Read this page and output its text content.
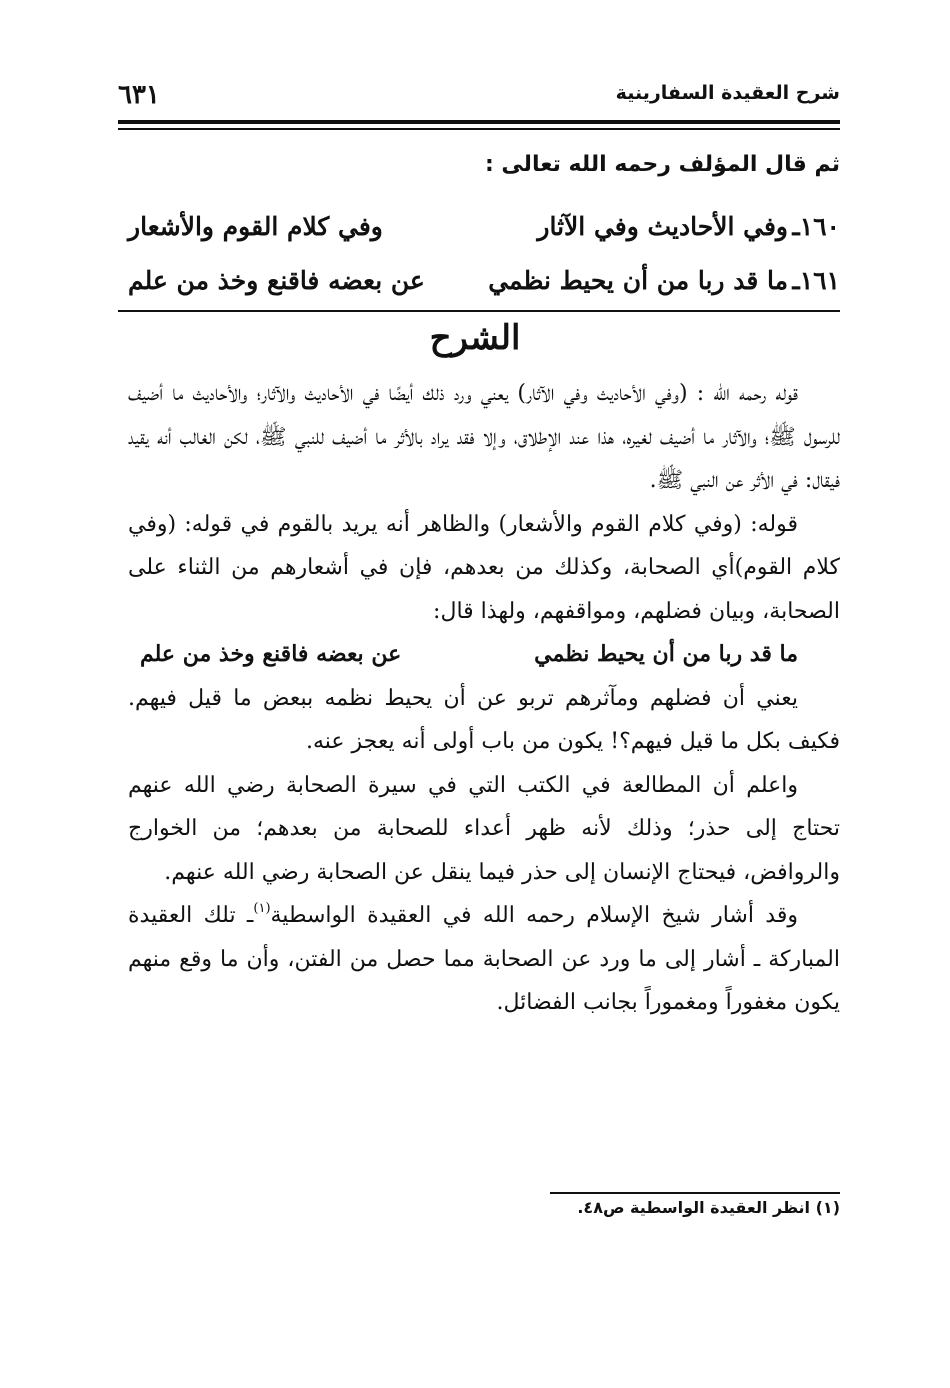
شرح العقيدة السفارينية
٦٣١
ثم قال المؤلف رحمه الله تعالى :
١٦٠ـ
وفي الأحاديث وفي الآثار
وفي كلام القوم والأشعار
١٦١ـ
ما قد ربا من أن يحيط نظمي
عن بعضه فاقنع وخذ من علم
الشرح

قوله رحمه الله : (وفي الأحاديث وفي الآثار) يعني ورد ذلك أيضًا في الأحاديث والآثار؛ والأحاديث ما أضيف للرسول ﷺ؛ والآثار ما أضيف لغيره، هذا عند الإطلاق، وإلا فقد يراد بالأثر ما أضيف للنبي ﷺ، لكن الغالب أنه يقيد فيقال: في الأثر عن النبي ﷺ.

قوله: (وفي كلام القوم والأشعار) والظاهر أنه يريد بالقوم في قوله: (وفي كلام القوم)أي الصحابة، وكذلك من بعدهم، فإن في أشعارهم من الثناء على الصحابة، وبيان فضلهم، ومواقفهم، ولهذا قال:

ما قد ربا من أن يحيط نظمي
عن بعضه فاقنع وخذ من علم

يعني أن فضلهم ومآثرهم تربو عن أن يحيط نظمه ببعض ما قيل فيهم. فكيف بكل ما قيل فيهم؟! يكون من باب أولى أنه يعجز عنه.

واعلم أن المطالعة في الكتب التي في سيرة الصحابة رضي الله عنهم تحتاج إلى حذر؛ وذلك لأنه ظهر أعداء للصحابة من بعدهم؛ من الخوارج والروافض، فيحتاج الإنسان إلى حذر فيما ينقل عن الصحابة رضي الله عنهم.

وقد أشار شيخ الإسلام رحمه الله في العقيدة الواسطية$^{(١)}$ـ تلك العقيدة المباركة ـ أشار إلى ما ورد عن الصحابة مما حصل من الفتن، وأن ما وقع منهم يكون مغفوراً ومغموراً بجانب الفضائل.

(١) انظر العقيدة الواسطية ص٤٨.
